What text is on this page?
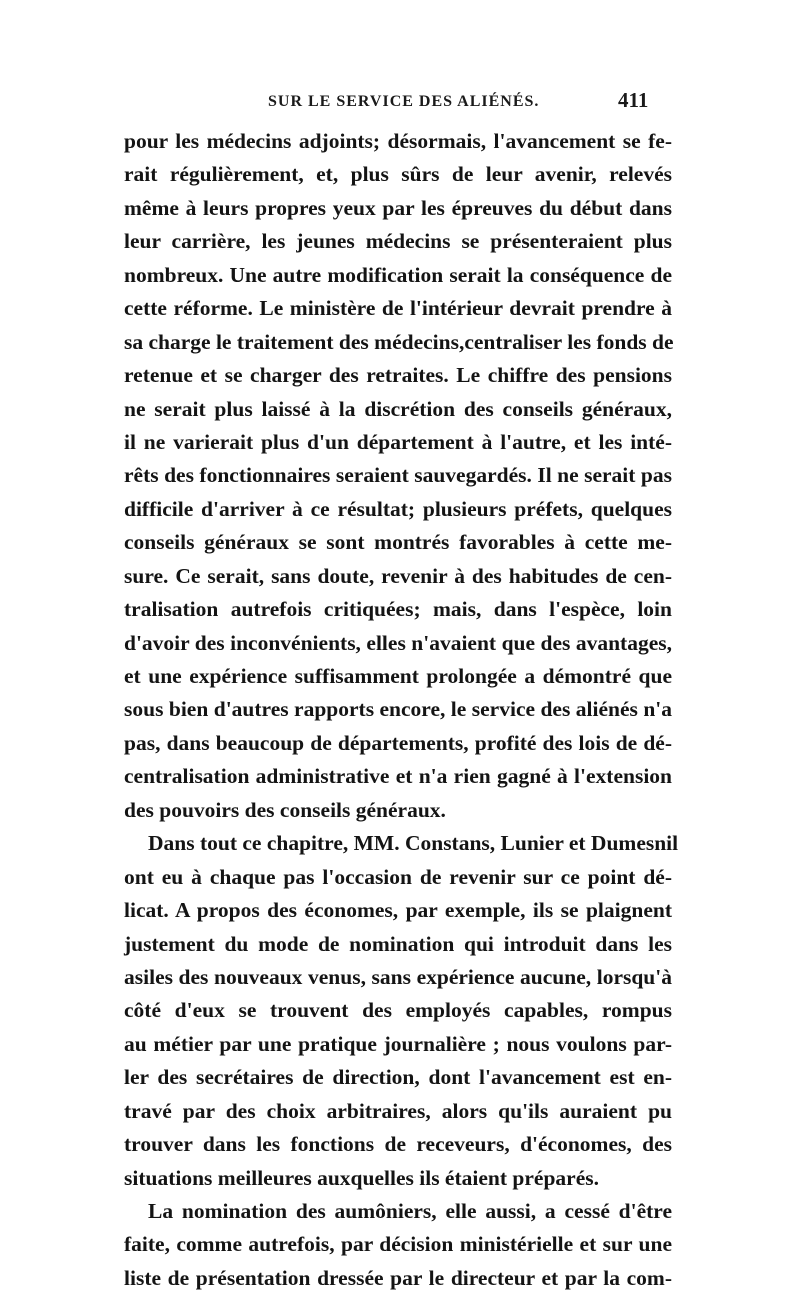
SUR LE SERVICE DES ALIÉNÉS.	411
pour les médecins adjoints; désormais, l'avancement se fe-
rait régulièrement, et, plus sûrs de leur avenir, relevés
même à leurs propres yeux par les épreuves du début dans
leur carrière, les jeunes médecins se présenteraient plus
nombreux. Une autre modification serait la conséquence de
cette réforme. Le ministère de l'intérieur devrait prendre à
sa charge le traitement des médecins,centraliser les fonds de
retenue et se charger des retraites. Le chiffre des pensions
ne serait plus laissé à la discrétion des conseils généraux,
il ne varierait plus d'un département à l'autre, et les inté-
rêts des fonctionnaires seraient sauvegardés. Il ne serait pas
difficile d'arriver à ce résultat; plusieurs préfets, quelques
conseils généraux se sont montrés favorables à cette me-
sure. Ce serait, sans doute, revenir à des habitudes de cen-
tralisation autrefois critiquées; mais, dans l'espèce, loin
d'avoir des inconvénients, elles n'avaient que des avantages,
et une expérience suffisamment prolongée a démontré que
sous bien d'autres rapports encore, le service des aliénés n'a
pas, dans beaucoup de départements, profité des lois de dé-
centralisation administrative et n'a rien gagné à l'extension
des pouvoirs des conseils généraux.
Dans tout ce chapitre, MM. Constans, Lunier et Dumesnil
ont eu à chaque pas l'occasion de revenir sur ce point dé-
licat. A propos des économes, par exemple, ils se plaignent
justement du mode de nomination qui introduit dans les
asiles des nouveaux venus, sans expérience aucune, lorsqu'à
côté d'eux se trouvent des employés capables, rompus
au métier par une pratique journalière ; nous voulons par-
ler des secrétaires de direction, dont l'avancement est en-
travé par des choix arbitraires, alors qu'ils auraient pu
trouver dans les fonctions de receveurs, d'économes, des
situations meilleures auxquelles ils étaient préparés.
La nomination des aumôniers, elle aussi, a cessé d'être
faite, comme autrefois, par décision ministérielle et sur une
liste de présentation dressée par le directeur et par la com-
